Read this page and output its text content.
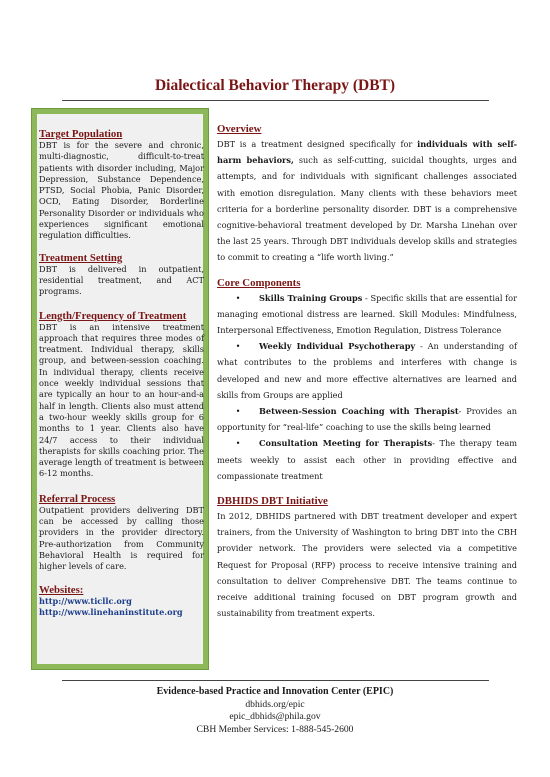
Dialectical Behavior Therapy (DBT)
Target Population
DBT is for the severe and chronic, multi-diagnostic, difficult-to-treat patients with disorder including, Major Depression, Substance Dependence, PTSD, Social Phobia, Panic Disorder, OCD, Eating Disorder, Borderline Personality Disorder or individuals who experiences significant emotional regulation difficulties.
Treatment Setting
DBT is delivered in outpatient, residential treatment, and ACT programs.
Length/Frequency of Treatment
DBT is an intensive treatment approach that requires three modes of treatment. Individual therapy, skills group, and between-session coaching. In individual therapy, clients receive once weekly individual sessions that are typically an hour to an hour-and-a half in length. Clients also must attend a two-hour weekly skills group for 6 months to 1 year. Clients also have 24/7 access to their individual therapists for skills coaching prior. The average length of treatment is between 6-12 months.
Referral Process
Outpatient providers delivering DBT can be accessed by calling those providers in the provider directory. Pre-authorization from Community Behavioral Health is required for higher levels of care.
Websites:
http://www.ticllc.org
http://www.linehaninstitute.org
Overview

DBT is a treatment designed specifically for individuals with self-harm behaviors, such as self-cutting, suicidal thoughts, urges and attempts, and for individuals with significant challenges associated with emotion disregulation. Many clients with these behaviors meet criteria for a borderline personality disorder. DBT is a comprehensive cognitive-behavioral treatment developed by Dr. Marsha Linehan over the last 25 years. Through DBT individuals develop skills and strategies to commit to creating a “life worth living.”

Core Components

• Skills Training Groups - Specific skills that are essential for managing emotional distress are learned. Skill Modules: Mindfulness, Interpersonal Effectiveness, Emotion Regulation, Distress Tolerance

• Weekly Individual Psychotherapy - An understanding of what contributes to the problems and interferes with change is developed and new and more effective alternatives are learned and skills from Groups are applied

• Between-Session Coaching with Therapist- Provides an opportunity for “real-life” coaching to use the skills being learned

• Consultation Meeting for Therapists- The therapy team meets weekly to assist each other in providing effective and compassionate treatment

DBHIDS DBT Initiative

In 2012, DBHIDS partnered with DBT treatment developer and expert trainers, from the University of Washington to bring DBT into the CBH provider network. The providers were selected via a competitive Request for Proposal (RFP) process to receive intensive training and consultation to deliver Comprehensive DBT. The teams continue to receive additional training focused on DBT program growth and sustainability from treatment experts.

Evidence-based Practice and Innovation Center (EPIC)
dbhids.org/epic
epic_dbhids@phila.gov
CBH Member Services: 1-888-545-2600
